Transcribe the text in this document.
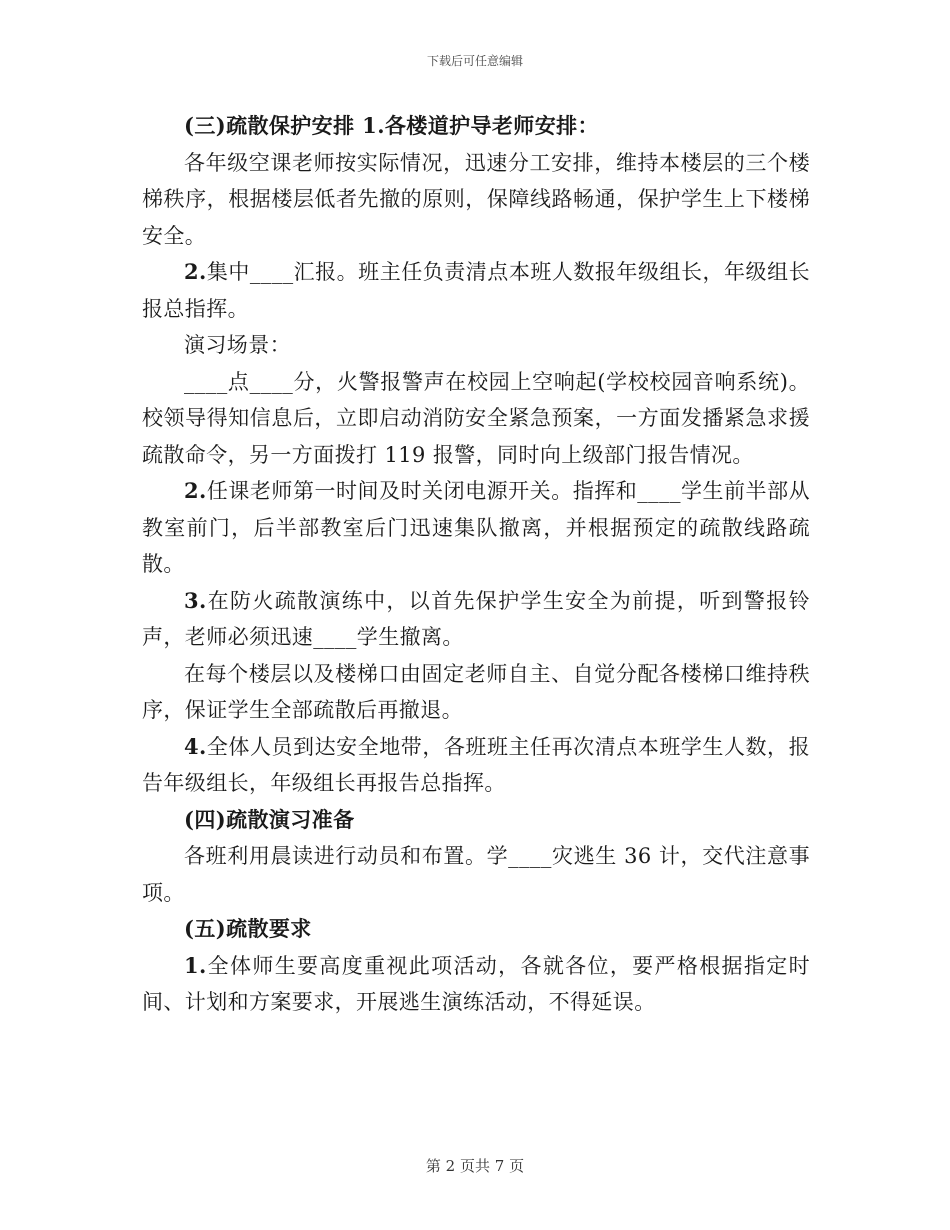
下载后可任意编辑

(三)疏散保护安排 1.各楼道护导老师安排：

各年级空课老师按实际情况，迅速分工安排，维持本楼层的三个楼梯秩序，根据楼层低者先撤的原则，保障线路畅通，保护学生上下楼梯安全。

2.集中____汇报。班主任负责清点本班人数报年级组长，年级组长报总指挥。

演习场景：

____点____分，火警报警声在校园上空响起(学校校园音响系统)。校领导得知信息后，立即启动消防安全紧急预案，一方面发播紧急求援疏散命令，另一方面拨打 119 报警，同时向上级部门报告情况。

2.任课老师第一时间及时关闭电源开关。指挥和____学生前半部从教室前门，后半部教室后门迅速集队撤离，并根据预定的疏散线路疏散。

3.在防火疏散演练中，以首先保护学生安全为前提，听到警报铃声，老师必须迅速____学生撤离。

在每个楼层以及楼梯口由固定老师自主、自觉分配各楼梯口维持秩序，保证学生全部疏散后再撤退。

4.全体人员到达安全地带，各班班主任再次清点本班学生人数，报告年级组长，年级组长再报告总指挥。

(四)疏散演习准备

各班利用晨读进行动员和布置。学____灾逃生 36 计，交代注意事项。

(五)疏散要求

1.全体师生要高度重视此项活动，各就各位，要严格根据指定时间、计划和方案要求，开展逃生演练活动，不得延误。

第 2 页共 7 页
